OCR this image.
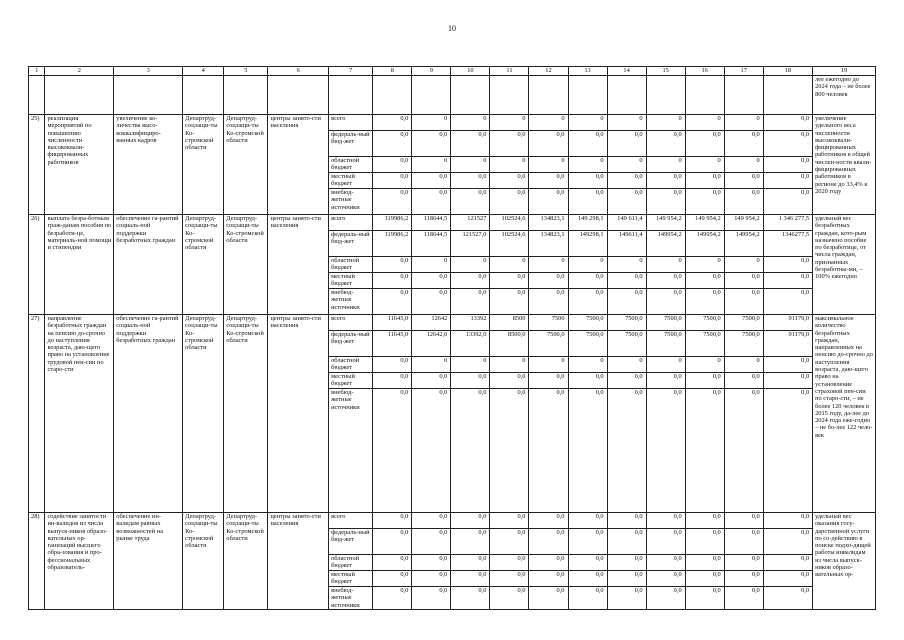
10
1	2	3	4	5	6	7	8	9	10	11	12	13	14	15	16	17	18	19
																		лее ежегодно до 2024 года – не более 800 человек
25)	реализация мероприятий по повышению численности высококвали-фицированных работников	увеличение ко-личества высо-коквалифициро-ванных кадров	Департруд-соцзащи-ты Ко-стромской области	Департруд-соцзащи-ты Ко-стромской области	центры занято-сти населения	всего	0,0	0	0	0	0	0	0	0	0	0	0,0	увеличение удельного веса численности высококвали-фицированных работников в общей числен-ности квали-фицированных работников в регионе до 33,4% к 2020 году
						федераль-ный бюд-жет	0,0	0,0	0,0	0,0	0,0	0,0	0,0	0,0	0,0	0,0	0,0	
						областной бюджет	0,0	0	0	0	0	0	0	0	0	0	0,0	
						местный бюджет	0,0	0,0	0,0	0,0	0,0	0,0	0,0	0,0	0,0	0,0	0,0	
						внебюд-жетные источники	0,0	0,0	0,0	0,0	0,0	0,0	0,0	0,0	0,0	0,0	0,0	
26)	выплата безра-ботным граж-данам пособия по безработи-це, материаль-ной помощи и стипендии	обеспечение га-рантий социаль-ной поддержки безработных граждан	Департруд-соцзащи-ты Ко-стромской области	Департруд-соцзащи-ты Ко-стромской области	центры занято-сти населения	всего	119986,2	118644,5	121527	102524,6	134823,1	149 298,1	149 611,4	149 954,2	149 954,2	149 954,2	1 346 277,5	удельный вес безработных граждан, кото-рым назначено пособие по безработице, от числа граждан, признанных безработны-ми, – 100% ежегодно
						федераль-ный бюд-жет	119986,2	118644,5	121527,0	102524,6	134823,1	149298,1	149611,4	149954,2	149954,2	149954,2	1346277,5	
						областной бюджет	0,0	0	0	0	0	0	0	0	0	0	0,0	
						местный бюджет	0,0	0,0	0,0	0,0	0,0	0,0	0,0	0,0	0,0	0,0	0,0	
						внебюд-жетные источники	0,0	0,0	0,0	0,0	0,0	0,0	0,0	0,0	0,0	0,0	0,0	
27)	направление безработных граждан на пенсию до-срочно до наступления возраста, даю-щего право на установление трудовой пен-сии по старо-сти	обеспечение га-рантий социаль-ной поддержки безработных граждан	Департруд-соцзащи-ты Ко-стромской области	Департруд-соцзащи-ты Ко-стромской области	центры занято-сти населения	всего	11645,0	12642	13392	8500	7500	7500,0	7500,0	7500,0	7500,0	7500,0	91179,0	максимальное количество безработных граждан, направленных на пенсию до-срочно до наступления возраста, даю-щего право на установление страховой пен-сии по старо-сти, – не более 120 человек в 2015 году, да-лее до 2024 года еже-годно – не бо-лее 122 чело-век
						федераль-ный бюд-жет	11645,0	12642,0	13392,0	8500,0	7500,0	7500,0	7500,0	7500,0	7500,0	7500,0	91179,0	
						областной бюджет	0,0	0	0	0	0	0	0	0	0	0	0,0	
						местный бюджет	0,0	0,0	0,0	0,0	0,0	0,0	0,0	0,0	0,0	0,0	0,0	
						внебюд-жетные источники	0,0	0,0	0,0	0,0	0,0	0,0	0,0	0,0	0,0	0,0	0,0	
28)	содействие занятости ин-валидов из числа выпуск-ников образо-вательных ор-ганизаций высшего обра-зования и про-фессиональных образователь-	обеспечение ин-валидам равных возможностей на рынке труда	Департруд-соцзащи-ты Ко-стромской области	Департруд-соцзащи-ты Ко-стромской области	центры занято-сти населения	всего	0,0	0,0	0,0	0,0	0,0	0,0	0,0	0,0	0,0	0,0	0,0	удельный вес оказания госу-дарственной услуги по со-действию в поиске подхо-дящей работы инвалидам из числа выпуск-ников образо-вательных ор-
						федераль-ный бюд-жет	0,0	0,0	0,0	0,0	0,0	0,0	0,0	0,0	0,0	0,0	0,0	
						областной бюджет	0,0	0,0	0,0	0,0	0,0	0,0	0,0	0,0	0,0	0,0	0,0	
						местный бюджет	0,0	0,0	0,0	0,0	0,0	0,0	0,0	0,0	0,0	0,0	0,0	
						внебюд-жетные источники	0,0	0,0	0,0	0,0	0,0	0,0	0,0	0,0	0,0	0,0	0,0	
